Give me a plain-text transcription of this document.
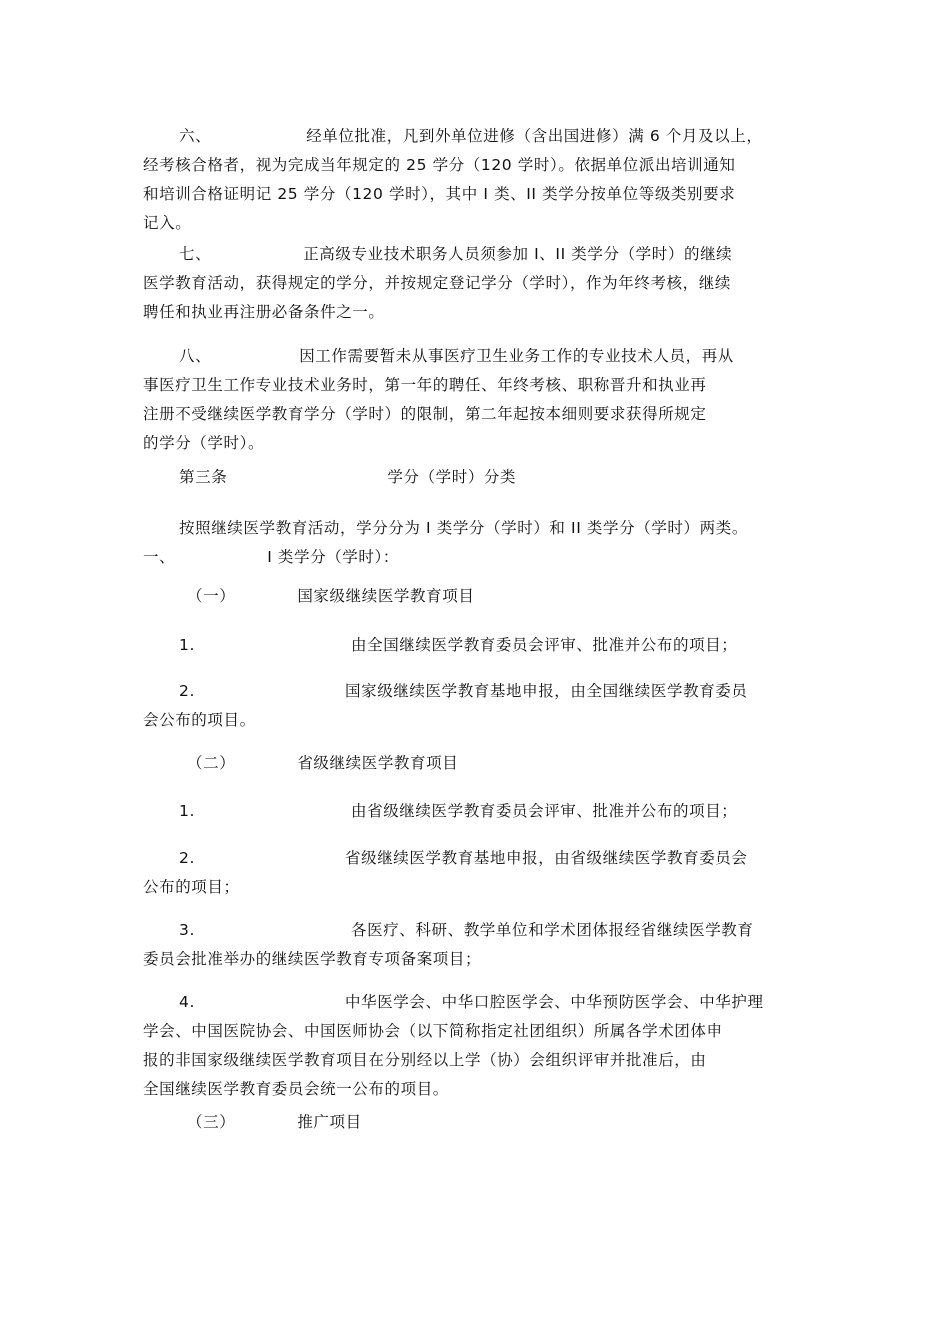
六、	经单位批准，凡到外单位进修（含出国进修）满 6 个月及以上，
经考核合格者，视为完成当年规定的 25 学分（120 学时）。依据单位派出培训通知
和培训合格证明记 25 学分（120 学时），其中 I 类、II 类学分按单位等级类别要求
记入。
七、	正高级专业技术职务人员须参加 I、II 类学分（学时）的继续
医学教育活动，获得规定的学分，并按规定登记学分（学时），作为年终考核，继续
聘任和执业再注册必备条件之一。
八、	因工作需要暂未从事医疗卫生业务工作的专业技术人员，再从
事医疗卫生工作专业技术业务时，第一年的聘任、年终考核、职称晋升和执业再
注册不受继续医学教育学分（学时）的限制，第二年起按本细则要求获得所规定
的学分（学时）。
第三条	学分（学时）分类
按照继续医学教育活动，学分分为 I 类学分（学时）和 II 类学分（学时）两类。
一、	I 类学分（学时）：
（一）	国家级继续医学教育项目
1.	由全国继续医学教育委员会评审、批准并公布的项目；
2.	国家级继续医学教育基地申报，由全国继续医学教育委员
会公布的项目。
（二）	省级继续医学教育项目
1.	由省级继续医学教育委员会评审、批准并公布的项目；
2.	省级继续医学教育基地申报，由省级继续医学教育委员会
公布的项目；
3.	各医疗、科研、教学单位和学术团体报经省继续医学教育
委员会批准举办的继续医学教育专项备案项目；
4.	中华医学会、中华口腔医学会、中华预防医学会、中华护理
学会、中国医院协会、中国医师协会（以下简称指定社团组织）所属各学术团体申
报的非国家级继续医学教育项目在分别经以上学（协）会组织评审并批准后，由
全国继续医学教育委员会统一公布的项目。
（三）	推广项目
